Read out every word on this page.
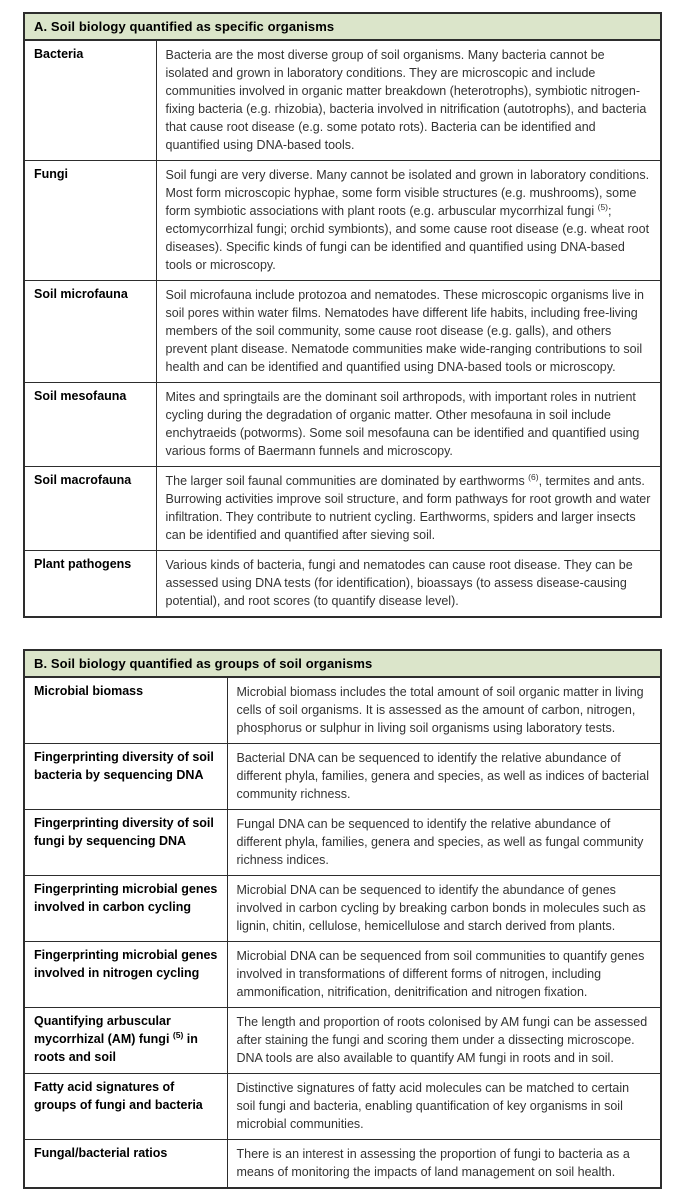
A. Soil biology quantified as specific organisms	
Bacteria	Bacteria are the most diverse group of soil organisms. Many bacteria cannot be isolated and grown in laboratory conditions. They are microscopic and include communities involved in organic matter breakdown (heterotrophs), symbiotic nitrogen-fixing bacteria (e.g. rhizobia), bacteria involved in nitrification (autotrophs), and bacteria that cause root disease (e.g. some potato rots). Bacteria can be identified and quantified using DNA-based tools.
Fungi	Soil fungi are very diverse. Many cannot be isolated and grown in laboratory conditions. Most form microscopic hyphae, some form visible structures (e.g. mushrooms), some form symbiotic associations with plant roots (e.g. arbuscular mycorrhizal fungi $^{(5)}$; ectomycorrhizal fungi; orchid symbionts), and some cause root disease (e.g. wheat root diseases). Specific kinds of fungi can be identified and quantified using DNA-based tools or microscopy.
Soil microfauna	Soil microfauna include protozoa and nematodes. These microscopic organisms live in soil pores within water films. Nematodes have different life habits, including free-living members of the soil community, some cause root disease (e.g. galls), and others prevent plant disease. Nematode communities make wide-ranging contributions to soil health and can be identified and quantified using DNA-based tools or microscopy.
Soil mesofauna	Mites and springtails are the dominant soil arthropods, with important roles in nutrient cycling during the degradation of organic matter. Other mesofauna in soil include enchytraeids (potworms). Some soil mesofauna can be identified and quantified using various forms of Baermann funnels and microscopy.
Soil macrofauna	The larger soil faunal communities are dominated by earthworms $^{(6)}$, termites and ants. Burrowing activities improve soil structure, and form pathways for root growth and water infiltration. They contribute to nutrient cycling. Earthworms, spiders and larger insects can be identified and quantified after sieving soil.
Plant pathogens	Various kinds of bacteria, fungi and nematodes can cause root disease. They can be assessed using DNA tests (for identification), bioassays (to assess disease-causing potential), and root scores (to quantify disease level).
B. Soil biology quantified as groups of soil organisms	
Microbial biomass	Microbial biomass includes the total amount of soil organic matter in living cells of soil organisms. It is assessed as the amount of carbon, nitrogen, phosphorus or sulphur in living soil organisms using laboratory tests.
Fingerprinting diversity of soil bacteria by sequencing DNA	Bacterial DNA can be sequenced to identify the relative abundance of different phyla, families, genera and species, as well as indices of bacterial community richness.
Fingerprinting diversity of soil fungi by sequencing DNA	Fungal DNA can be sequenced to identify the relative abundance of different phyla, families, genera and species, as well as fungal community richness indices.
Fingerprinting microbial genes involved in carbon cycling	Microbial DNA can be sequenced to identify the abundance of genes involved in carbon cycling by breaking carbon bonds in molecules such as lignin, chitin, cellulose, hemicellulose and starch derived from plants.
Fingerprinting microbial genes involved in nitrogen cycling	Microbial DNA can be sequenced from soil communities to quantify genes involved in transformations of different forms of nitrogen, including ammonification, nitrification, denitrification and nitrogen fixation.
Quantifying arbuscular mycorrhizal (AM) fungi $^{(5)}$ in roots and soil	The length and proportion of roots colonised by AM fungi can be assessed after staining the fungi and scoring them under a dissecting microscope. DNA tools are also available to quantify AM fungi in roots and in soil.
Fatty acid signatures of groups of fungi and bacteria	Distinctive signatures of fatty acid molecules can be matched to certain soil fungi and bacteria, enabling quantification of key organisms in soil microbial communities.
Fungal/bacterial ratios	There is an interest in assessing the proportion of fungi to bacteria as a means of monitoring the impacts of land management on soil health.
